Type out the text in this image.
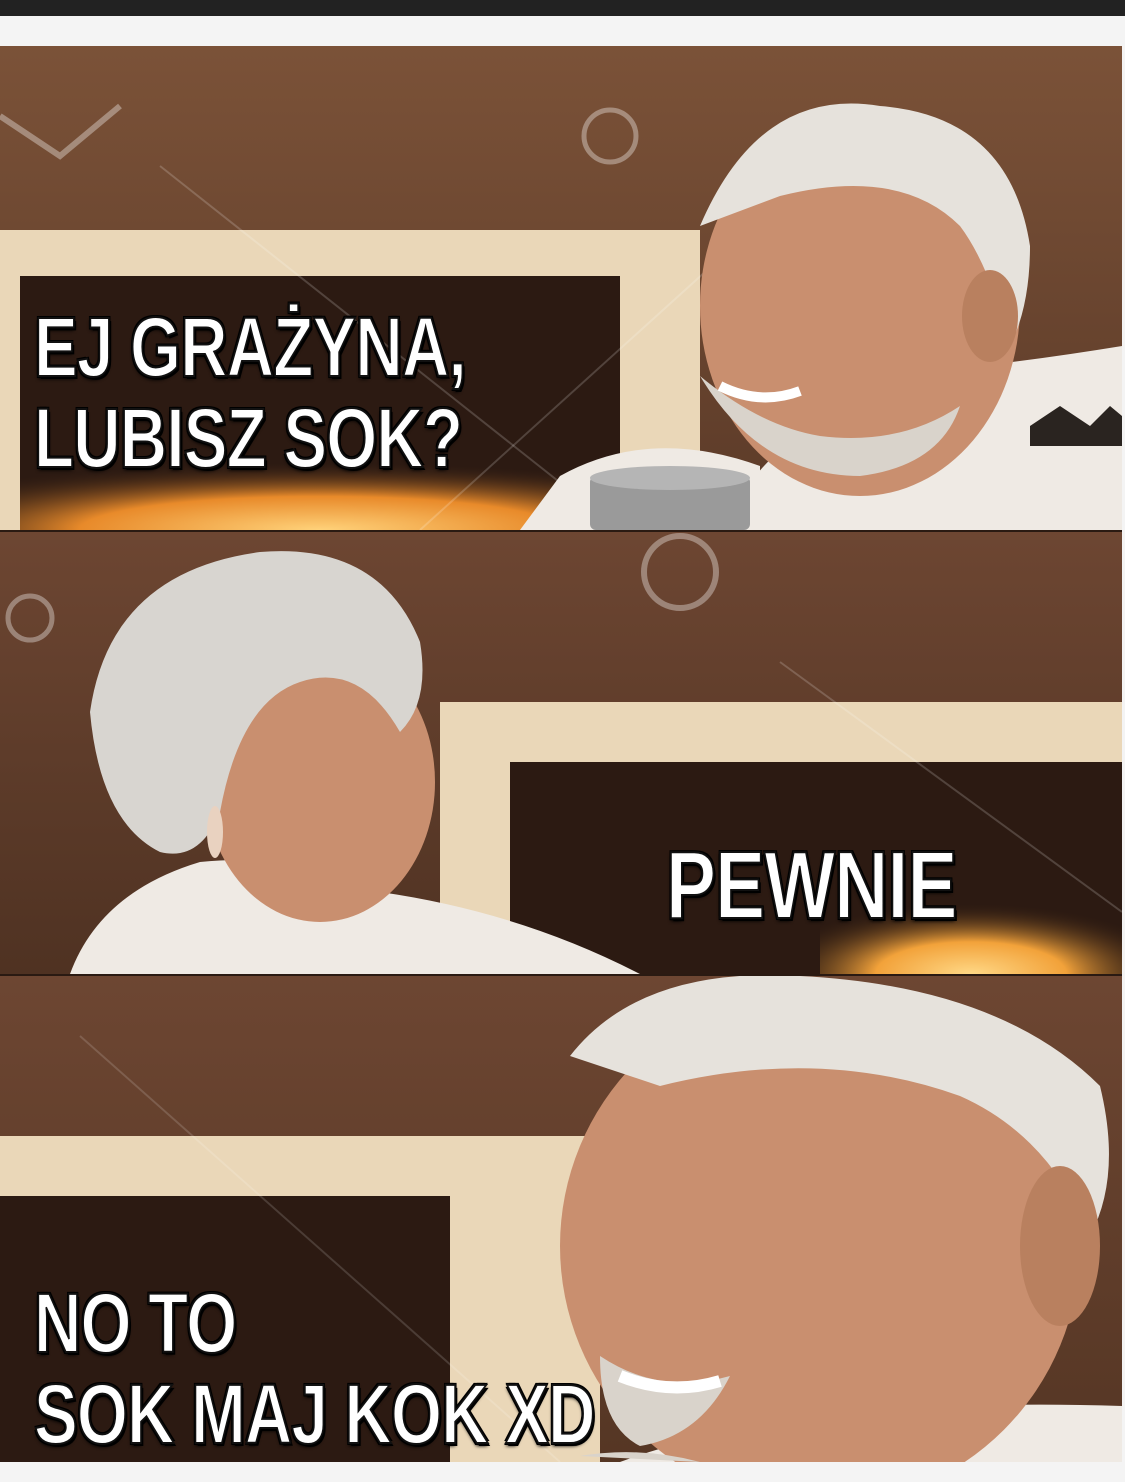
EJ GRAŻYNA,
LUBISZ SOK?
PEWNIE
NO TO
SOK MAJ KOK XD
